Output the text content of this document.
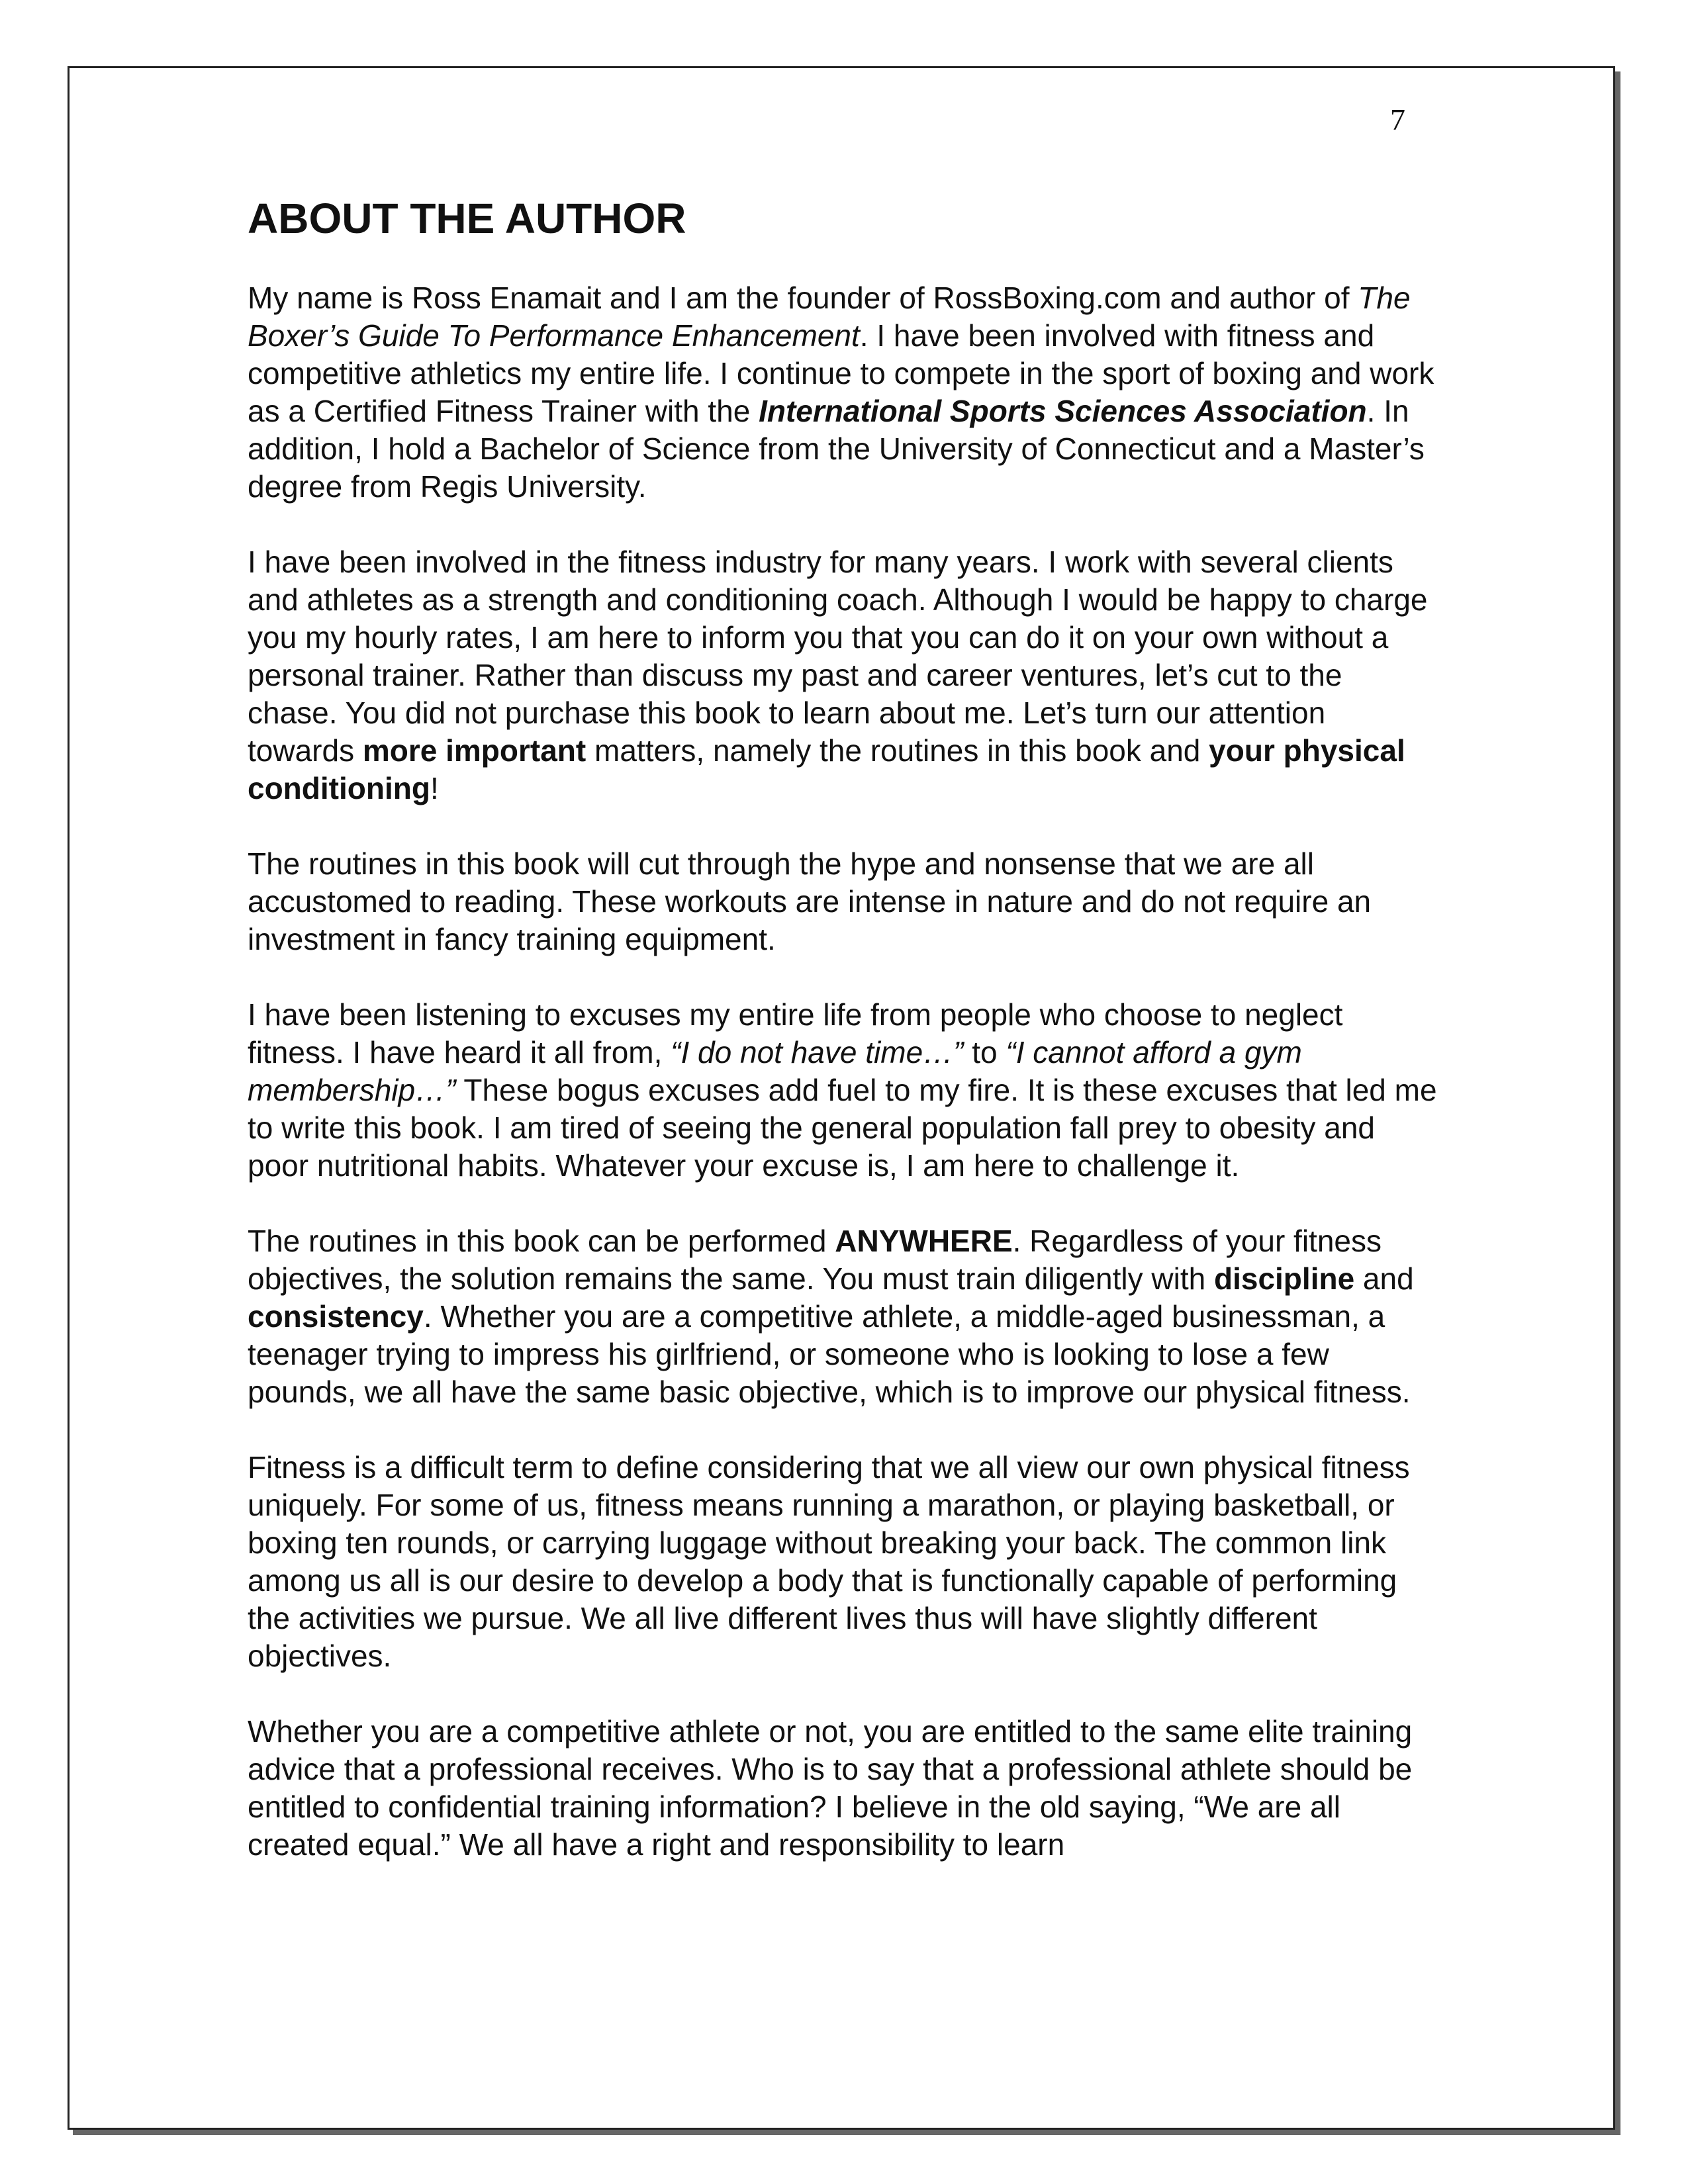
7
ABOUT THE AUTHOR

My name is Ross Enamait and I am the founder of RossBoxing.com and author of The Boxer’s Guide To Performance Enhancement. I have been involved with fitness and competitive athletics my entire life. I continue to compete in the sport of boxing and work as a Certified Fitness Trainer with the International Sports Sciences Association. In addition, I hold a Bachelor of Science from the University of Connecticut and a Master’s degree from Regis University.

I have been involved in the fitness industry for many years. I work with several clients and athletes as a strength and conditioning coach. Although I would be happy to charge you my hourly rates, I am here to inform you that you can do it on your own without a personal trainer. Rather than discuss my past and career ventures, let’s cut to the chase. You did not purchase this book to learn about me. Let’s turn our attention towards more important matters, namely the routines in this book and your physical conditioning!

The routines in this book will cut through the hype and nonsense that we are all accustomed to reading. These workouts are intense in nature and do not require an investment in fancy training equipment.

I have been listening to excuses my entire life from people who choose to neglect fitness. I have heard it all from, “I do not have time…” to “I cannot afford a gym membership…” These bogus excuses add fuel to my fire. It is these excuses that led me to write this book. I am tired of seeing the general population fall prey to obesity and poor nutritional habits. Whatever your excuse is, I am here to challenge it.

The routines in this book can be performed ANYWHERE. Regardless of your fitness objectives, the solution remains the same. You must train diligently with discipline and consistency. Whether you are a competitive athlete, a middle-aged businessman, a teenager trying to impress his girlfriend, or someone who is looking to lose a few pounds, we all have the same basic objective, which is to improve our physical fitness.

Fitness is a difficult term to define considering that we all view our own physical fitness uniquely. For some of us, fitness means running a marathon, or playing basketball, or boxing ten rounds, or carrying luggage without breaking your back. The common link among us all is our desire to develop a body that is functionally capable of performing the activities we pursue. We all live different lives thus will have slightly different objectives.

Whether you are a competitive athlete or not, you are entitled to the same elite training advice that a professional receives. Who is to say that a professional athlete should be entitled to confidential training information? I believe in the old saying, “We are all created equal.” We all have a right and responsibility to learn
